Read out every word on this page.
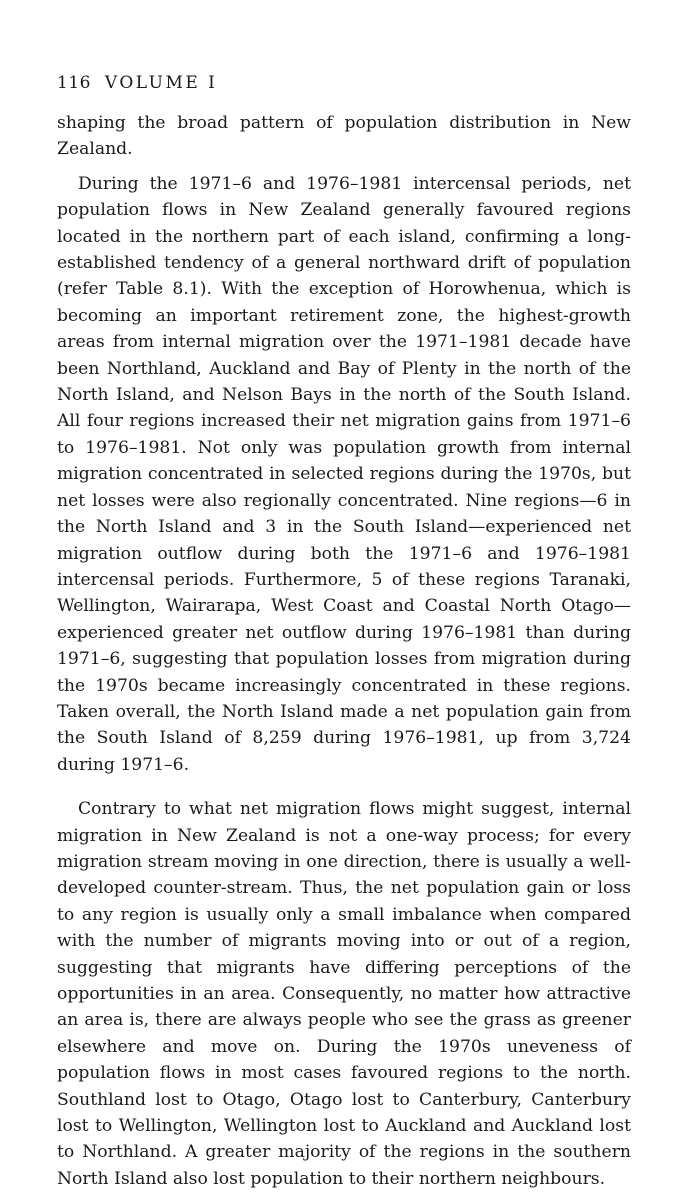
116 VOLUME I

shaping the broad pattern of population distribution in New Zealand.

During the 1971–6 and 1976–1981 intercensal periods, net population flows in New Zealand generally favoured regions located in the northern part of each island, confirming a long-established tendency of a general northward drift of population (refer Table 8.1). With the exception of Horowhenua, which is becoming an important retirement zone, the highest-growth areas from internal migration over the 1971–1981 decade have been Northland, Auckland and Bay of Plenty in the north of the North Island, and Nelson Bays in the north of the South Island. All four regions increased their net migration gains from 1971–6 to 1976–1981. Not only was population growth from internal migration concentrated in selected regions during the 1970s, but net losses were also regionally concentrated. Nine regions—6 in the North Island and 3 in the South Island—experienced net migration outflow during both the 1971–6 and 1976–1981 intercensal periods. Furthermore, 5 of these regions Taranaki, Wellington, Wairarapa, West Coast and Coastal North Otago—experienced greater net outflow during 1976–1981 than during 1971–6, suggesting that population losses from migration during the 1970s became increasingly concentrated in these regions. Taken overall, the North Island made a net population gain from the South Island of 8,259 during 1976–1981, up from 3,724 during 1971–6.

Contrary to what net migration flows might suggest, internal migration in New Zealand is not a one-way process; for every migration stream moving in one direction, there is usually a well-developed counter-stream. Thus, the net population gain or loss to any region is usually only a small imbalance when compared with the number of migrants moving into or out of a region, suggesting that migrants have differing perceptions of the opportunities in an area. Consequently, no matter how attractive an area is, there are always people who see the grass as greener elsewhere and move on. During the 1970s uneveness of population flows in most cases favoured regions to the north. Southland lost to Otago, Otago lost to Canterbury, Canterbury lost to Wellington, Wellington lost to Auckland and Auckland lost to Northland. A greater majority of the regions in the southern North Island also lost population to their northern neighbours.
